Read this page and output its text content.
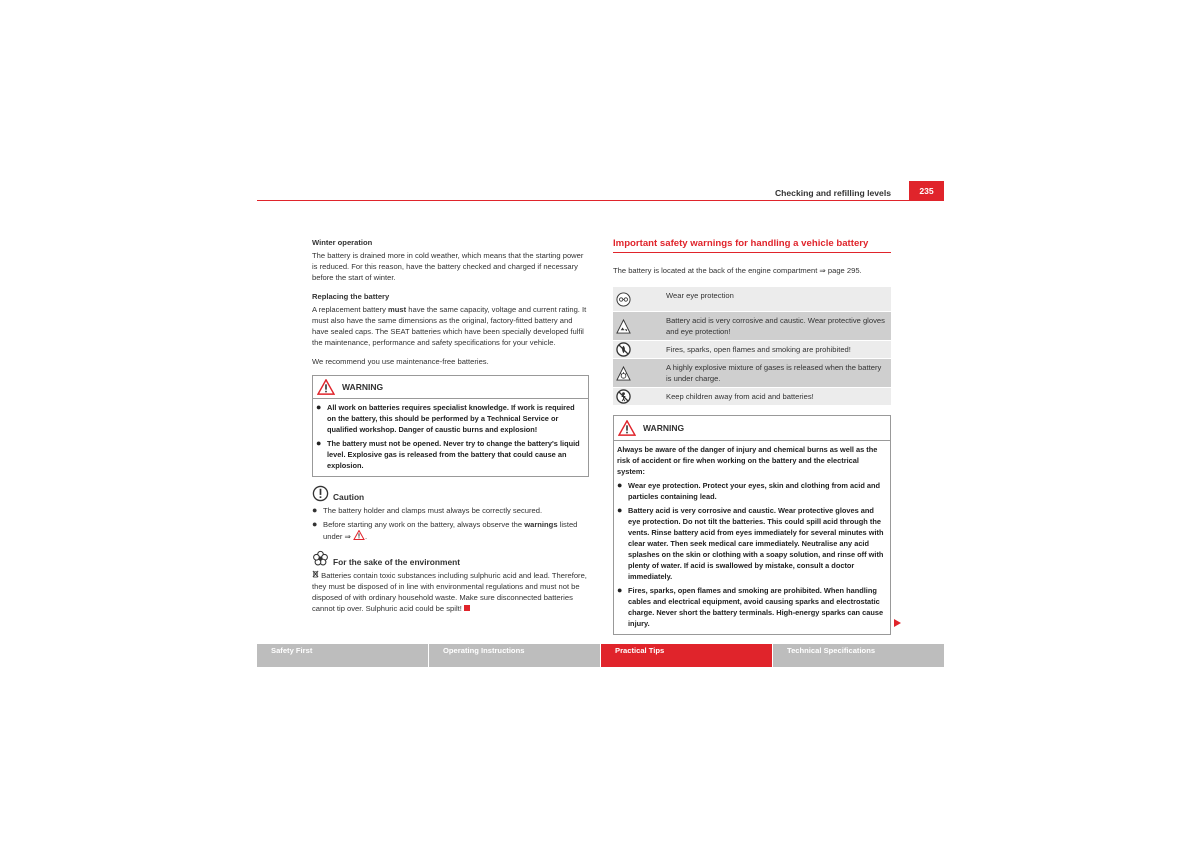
Checking and refilling levels	235
Winter operation

The battery is drained more in cold weather, which means that the starting power is reduced. For this reason, have the battery checked and charged if necessary before the start of winter.

Replacing the battery

A replacement battery must have the same capacity, voltage and current rating. It must also have the same dimensions as the original, factory-fitted battery and have sealed caps. The SEAT batteries which have been specially developed fulfil the maintenance, performance and safety specifications for your vehicle.

We recommend you use maintenance-free batteries.

WARNING
● All work on batteries requires specialist knowledge. If work is required on the battery, this should be performed by a Technical Service or qualified workshop. Danger of caustic burns and explosion!
● The battery must not be opened. Never try to change the battery's liquid level. Explosive gas is released from the battery that could cause an explosion.
Caution
● The battery holder and clamps must always be correctly secured.
● Before starting any work on the battery, always observe the warnings listed under ⇒ .
For the sake of the environment

Batteries contain toxic substances including sulphuric acid and lead. Therefore, they must be disposed of in line with environmental regulations and must not be disposed of with ordinary household waste. Make sure disconnected batteries cannot tip over. Sulphuric acid could be spilt!

Important safety warnings for handling a vehicle battery

The battery is located at the back of the engine compartment ⇒ page 295.

Wear eye protection
Battery acid is very corrosive and caustic. Wear protective gloves and eye protection!
Fires, sparks, open flames and smoking are prohibited!
A highly explosive mixture of gases is released when the battery is under charge.
Keep children away from acid and batteries!
WARNING
Always be aware of the danger of injury and chemical burns as well as the risk of accident or fire when working on the battery and the electrical system:
● Wear eye protection. Protect your eyes, skin and clothing from acid and particles containing lead.
● Battery acid is very corrosive and caustic. Wear protective gloves and eye protection. Do not tilt the batteries. This could spill acid through the vents. Rinse battery acid from eyes immediately for several minutes with clear water. Then seek medical care immediately. Neutralise any acid splashes on the skin or clothing with a soapy solution, and rinse off with plenty of water. If acid is swallowed by mistake, consult a doctor immediately.
● Fires, sparks, open flames and smoking are prohibited. When handling cables and electrical equipment, avoid causing sparks and electrostatic charge. Never short the battery terminals. High-energy sparks can cause injury.
Safety First	Operating Instructions	Practical Tips	Technical Specifications
